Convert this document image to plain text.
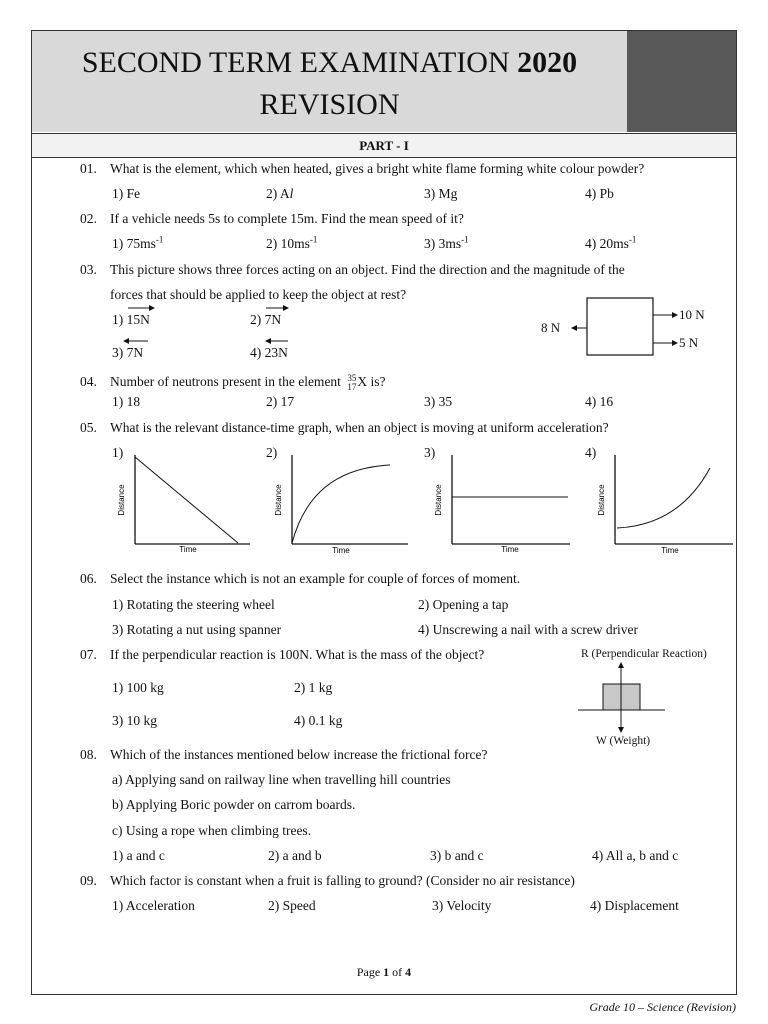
SECOND TERM EXAMINATION 2020
REVISION
PART - I
01. What is the element, which when heated, gives a bright white flame forming white colour powder?
1) Fe	2) Al	3) Mg	4) Pb
02. If a vehicle needs 5s to complete 15m. Find the mean speed of it?
1) $75ms^{-1}$	2) $10ms^{-1}$	3) $3ms^{-1}$	4) $20ms^{-1}$
03. This picture shows three forces acting on an object. Find the direction and the magnitude of the
forces that should be applied to keep the object at rest?
1) 15N	2) 7N
3) 7N	4) 23N
8 N
10 N
5 N
04. Number of neutrons present in the element 35
17X is?
1) 18	2) 17	3) 35	4) 16
05. What is the relevant distance-time graph, when an object is moving at uniform acceleration?
1)	2)	3)	4)
Distance
Time
Distance
Time
Distance
Time
Distance
Time
06. Select the instance which is not an example for couple of forces of moment.
1) Rotating the steering wheel	2) Opening a tap
3) Rotating a nut using spanner	4) Unscrewing a nail with a screw driver
07. If the perpendicular reaction is 100N. What is the mass of the object?
1) 100 kg	2) 1 kg
3) 10 kg	4) 0.1 kg
R (Perpendicular Reaction)
W (Weight)
08. Which of the instances mentioned below increase the frictional force?
a) Applying sand on railway line when travelling hill countries
b) Applying Boric powder on carrom boards.
c) Using a rope when climbing trees.
1) a and c	2) a and b	3) b and c	4) All a, b and c
09. Which factor is constant when a fruit is falling to ground? (Consider no air resistance)
1) Acceleration	2) Speed	3) Velocity	4) Displacement
Page 1 of 4
Grade 10 – Science (Revision)
